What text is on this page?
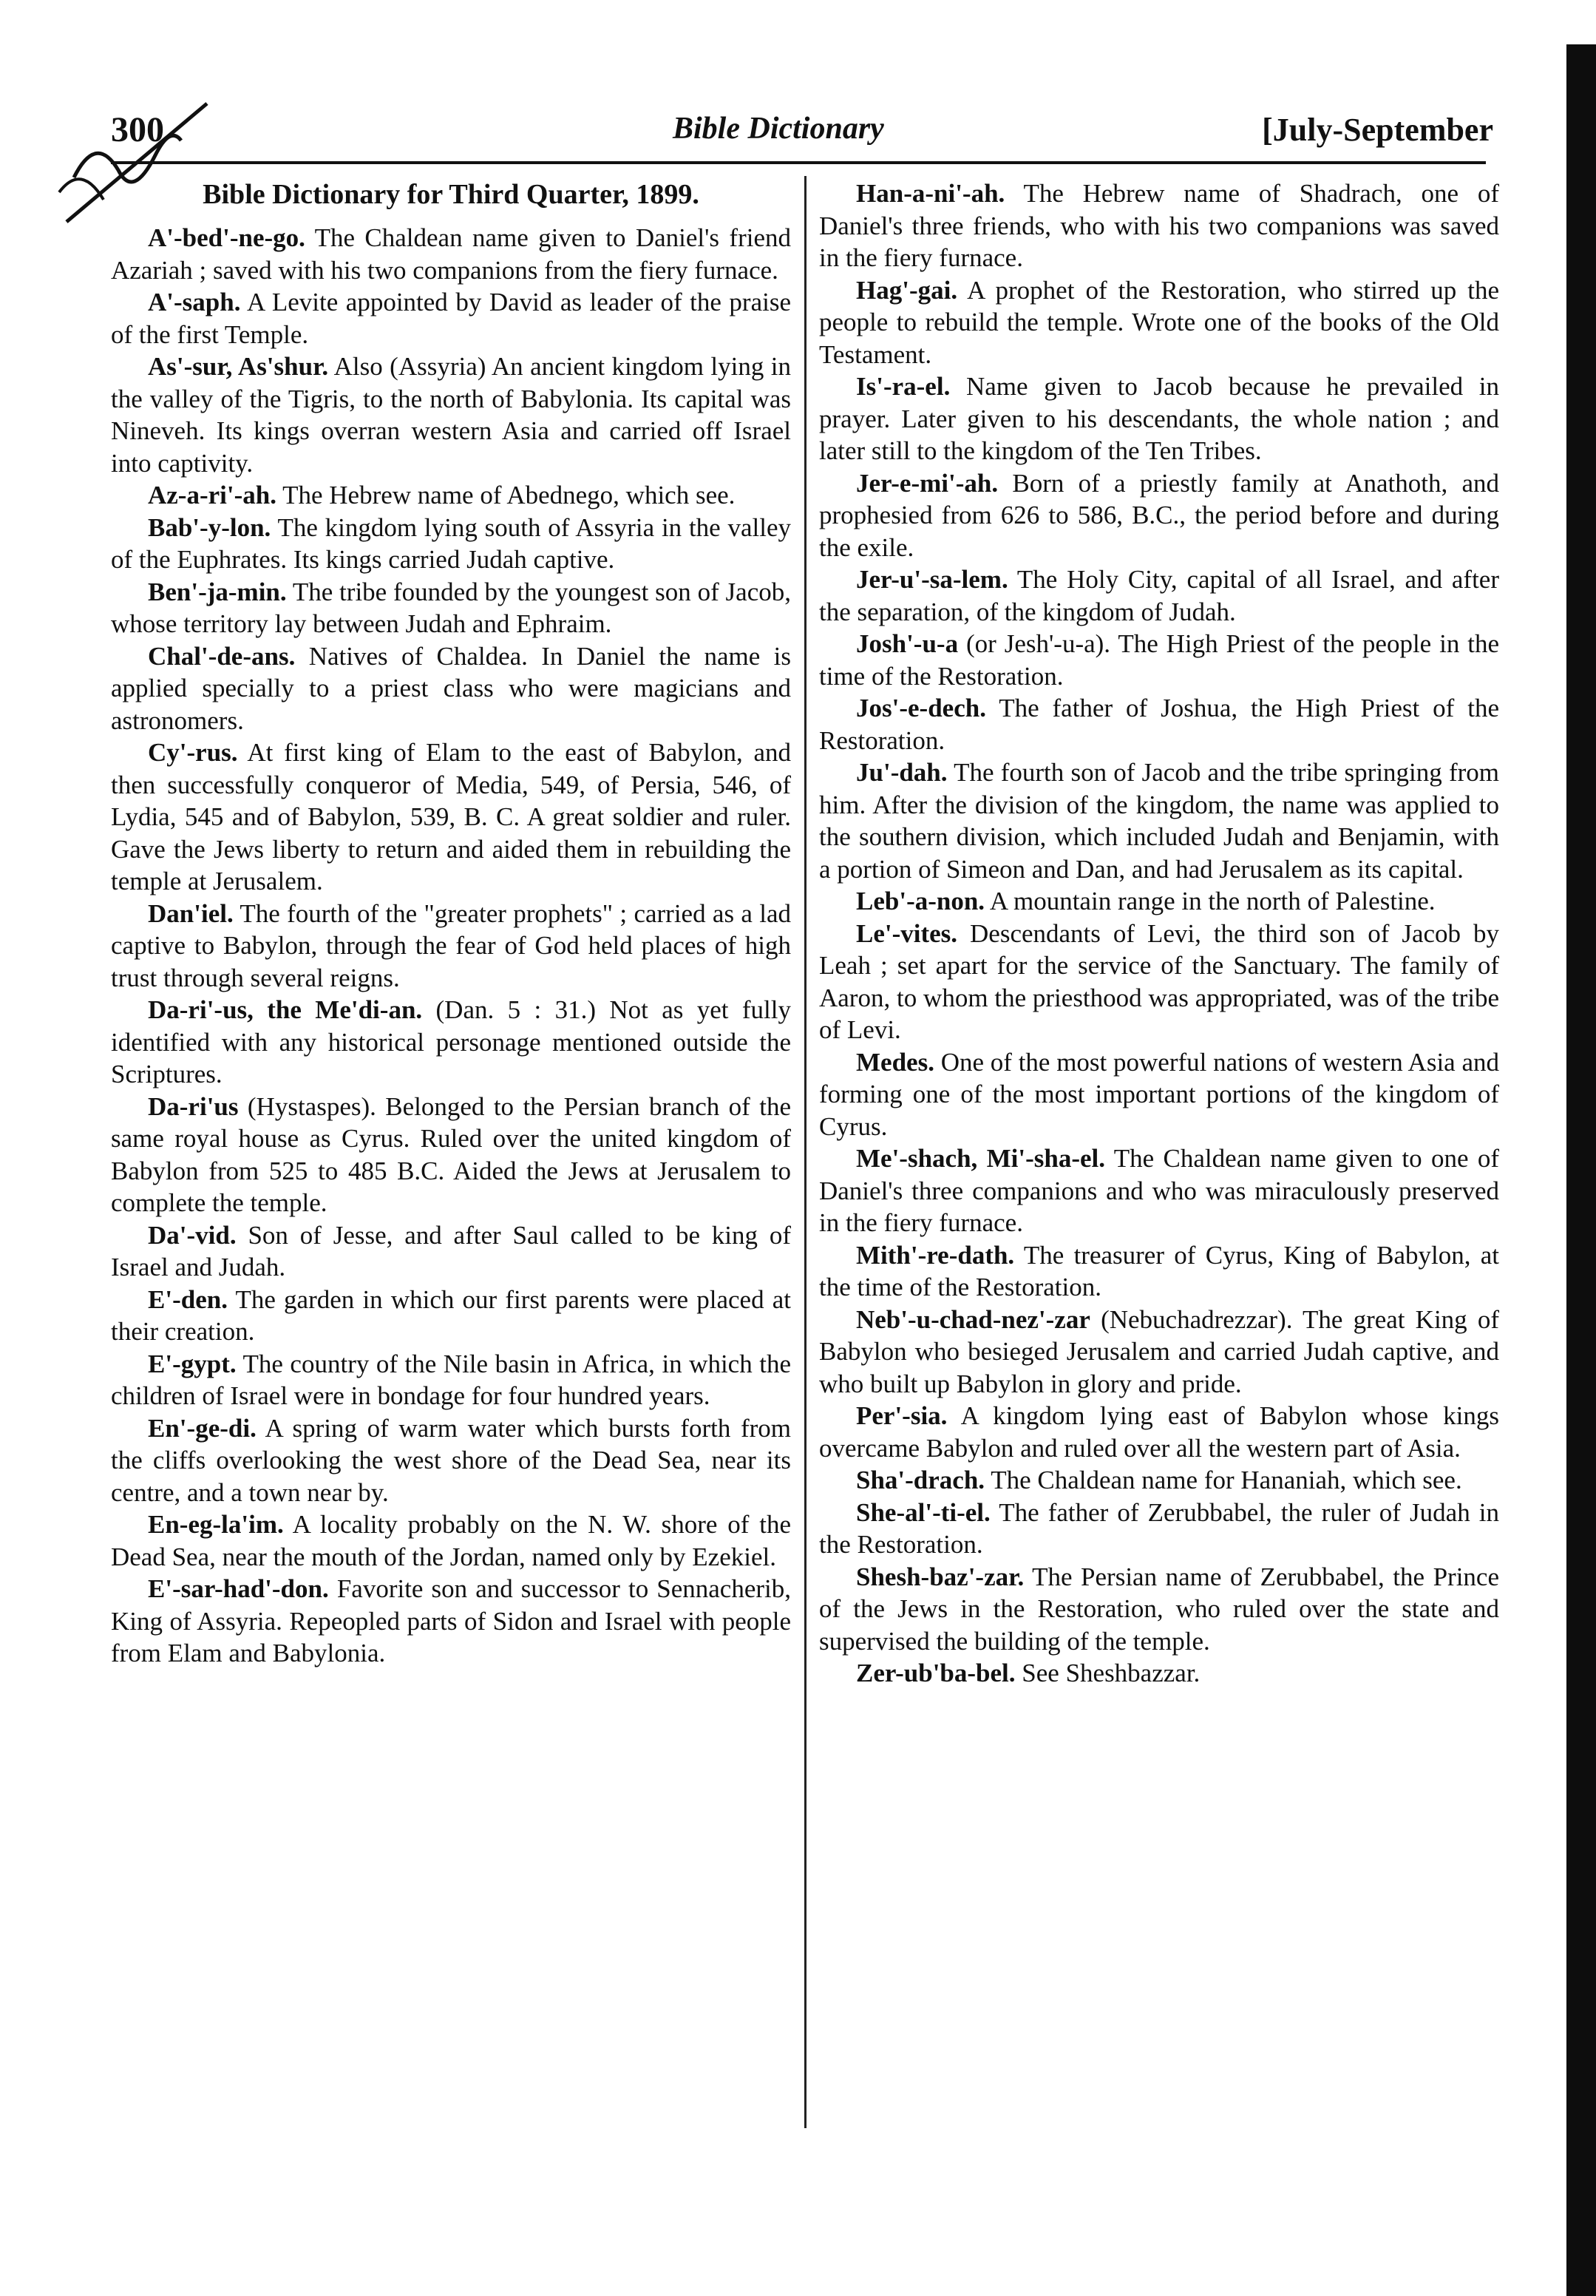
300	Bible Dictionary	[July-September
Bible Dictionary for Third Quarter, 1899.

A'-bed'-ne-go. The Chaldean name given to Daniel's friend Azariah ; saved with his two companions from the fiery furnace.

A'-saph. A Levite appointed by David as leader of the praise of the first Temple.

As'-sur, As'shur. Also (Assyria) An ancient kingdom lying in the valley of the Tigris, to the north of Babylonia. Its capital was Nineveh. Its kings overran western Asia and carried off Israel into captivity.

Az-a-ri'-ah. The Hebrew name of Abednego, which see.

Bab'-y-lon. The kingdom lying south of Assyria in the valley of the Euphrates. Its kings carried Judah captive.

Ben'-ja-min. The tribe founded by the youngest son of Jacob, whose territory lay between Judah and Ephraim.

Chal'-de-ans. Natives of Chaldea. In Daniel the name is applied specially to a priest class who were magicians and astronomers.

Cy'-rus. At first king of Elam to the east of Babylon, and then successfully conqueror of Media, 549, of Persia, 546, of Lydia, 545 and of Babylon, 539, B. C. A great soldier and ruler. Gave the Jews liberty to return and aided them in rebuilding the temple at Jerusalem.

Dan'iel. The fourth of the "greater prophets" ; carried as a lad captive to Babylon, through the fear of God held places of high trust through several reigns.

Da-ri'-us, the Me'di-an. (Dan. 5 : 31.) Not as yet fully identified with any historical personage mentioned outside the Scriptures.

Da-ri'us (Hystaspes). Belonged to the Persian branch of the same royal house as Cyrus. Ruled over the united kingdom of Babylon from 525 to 485 B.C. Aided the Jews at Jerusalem to complete the temple.

Da'-vid. Son of Jesse, and after Saul called to be king of Israel and Judah.

E'-den. The garden in which our first parents were placed at their creation.

E'-gypt. The country of the Nile basin in Africa, in which the children of Israel were in bondage for four hundred years.

En'-ge-di. A spring of warm water which bursts forth from the cliffs overlooking the west shore of the Dead Sea, near its centre, and a town near by.

En-eg-la'im. A locality probably on the N. W. shore of the Dead Sea, near the mouth of the Jordan, named only by Ezekiel.

E'-sar-had'-don. Favorite son and successor to Sennacherib, King of Assyria. Repeopled parts of Sidon and Israel with people from Elam and Babylonia.

Han-a-ni'-ah. The Hebrew name of Shadrach, one of Daniel's three friends, who with his two companions was saved in the fiery furnace.

Hag'-gai. A prophet of the Restoration, who stirred up the people to rebuild the temple. Wrote one of the books of the Old Testament.

Is'-ra-el. Name given to Jacob because he prevailed in prayer. Later given to his descendants, the whole nation ; and later still to the kingdom of the Ten Tribes.

Jer-e-mi'-ah. Born of a priestly family at Anathoth, and prophesied from 626 to 586, B.C., the period before and during the exile.

Jer-u'-sa-lem. The Holy City, capital of all Israel, and after the separation, of the kingdom of Judah.

Josh'-u-a (or Jesh'-u-a). The High Priest of the people in the time of the Restoration.

Jos'-e-dech. The father of Joshua, the High Priest of the Restoration.

Ju'-dah. The fourth son of Jacob and the tribe springing from him. After the division of the kingdom, the name was applied to the southern division, which included Judah and Benjamin, with a portion of Simeon and Dan, and had Jerusalem as its capital.

Leb'-a-non. A mountain range in the north of Palestine.

Le'-vites. Descendants of Levi, the third son of Jacob by Leah ; set apart for the service of the Sanctuary. The family of Aaron, to whom the priesthood was appropriated, was of the tribe of Levi.

Medes. One of the most powerful nations of western Asia and forming one of the most important portions of the kingdom of Cyrus.

Me'-shach, Mi'-sha-el. The Chaldean name given to one of Daniel's three companions and who was miraculously preserved in the fiery furnace.

Mith'-re-dath. The treasurer of Cyrus, King of Babylon, at the time of the Restoration.

Neb'-u-chad-nez'-zar (Nebuchadrezzar). The great King of Babylon who besieged Jerusalem and carried Judah captive, and who built up Babylon in glory and pride.

Per'-sia. A kingdom lying east of Babylon whose kings overcame Babylon and ruled over all the western part of Asia.

Sha'-drach. The Chaldean name for Hananiah, which see.

She-al'-ti-el. The father of Zerubbabel, the ruler of Judah in the Restoration.

Shesh-baz'-zar. The Persian name of Zerubbabel, the Prince of the Jews in the Restoration, who ruled over the state and supervised the building of the temple.

Zer-ub'ba-bel. See Sheshbazzar.
